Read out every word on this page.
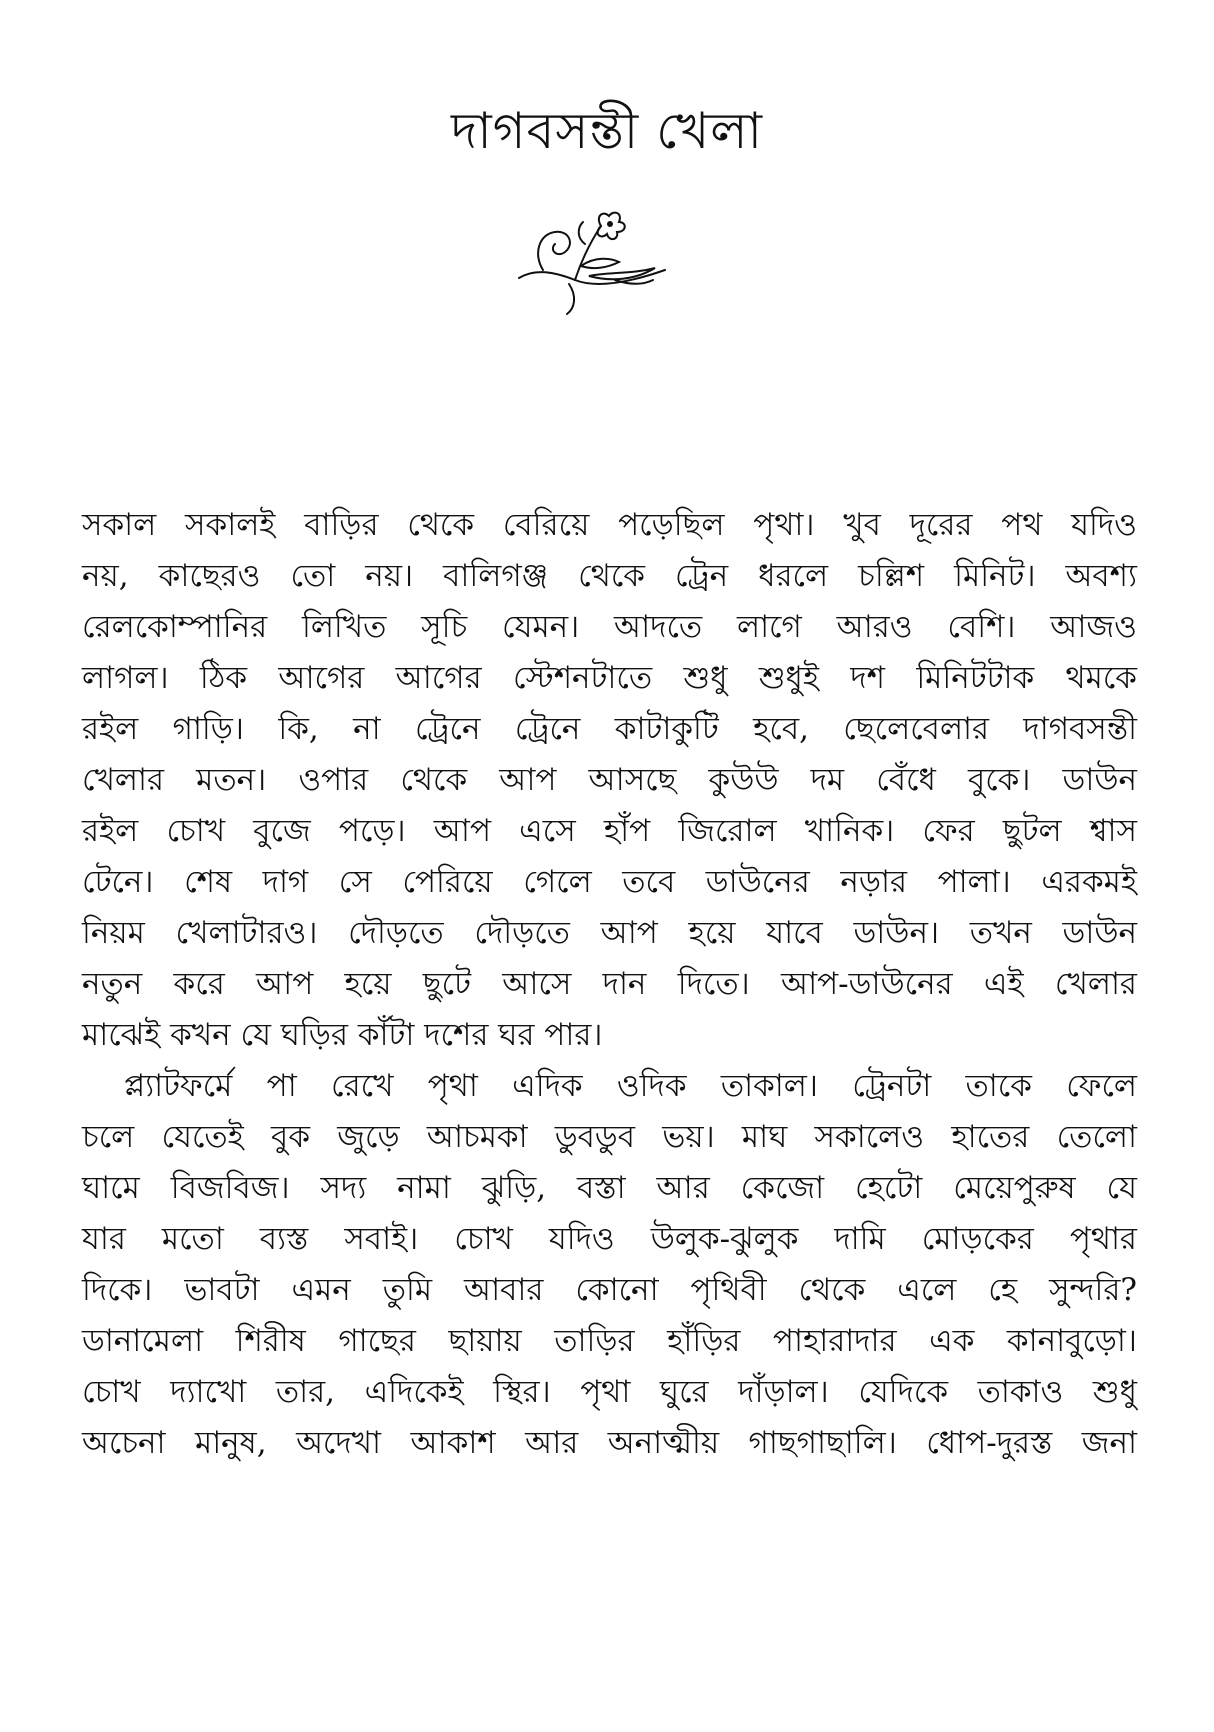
দাগবসন্তী খেলা
সকাল সকালই বাড়ির থেকে বেরিয়ে পড়েছিল পৃথা। খুব দূরের পথ যদিও
নয়, কাছেরও তো নয়। বালিগঞ্জ থেকে ট্রেন ধরলে চল্লিশ মিনিট। অবশ্য
রেলকোম্পানির লিখিত সূচি যেমন। আদতে লাগে আরও বেশি। আজও
লাগল। ঠিক আগের আগের স্টেশনটাতে শুধু শুধুই দশ মিনিটটাক থমকে
রইল গাড়ি। কি, না ট্রেনে ট্রেনে কাটাকুটি হবে, ছেলেবেলার দাগবসন্তী
খেলার মতন। ওপার থেকে আপ আসছে কুউউ দম বেঁধে বুকে। ডাউন
রইল চোখ বুজে পড়ে। আপ এসে হাঁপ জিরোল খানিক। ফের ছুটল শ্বাস
টেনে। শেষ দাগ সে পেরিয়ে গেলে তবে ডাউনের নড়ার পালা। এরকমই
নিয়ম খেলাটারও। দৌড়তে দৌড়তে আপ হয়ে যাবে ডাউন। তখন ডাউন
নতুন করে আপ হয়ে ছুটে আসে দান দিতে। আপ-ডাউনের এই খেলার
মাঝেই কখন যে ঘড়ির কাঁটা দশের ঘর পার।
প্ল্যাটফর্মে পা রেখে পৃথা এদিক ওদিক তাকাল। ট্রেনটা তাকে ফেলে
চলে যেতেই বুক জুড়ে আচমকা ডুবডুব ভয়। মাঘ সকালেও হাতের তেলো
ঘামে বিজবিজ। সদ্য নামা ঝুড়ি, বস্তা আর কেজো হেটো মেয়েপুরুষ যে
যার মতো ব্যস্ত সবাই। চোখ যদিও উলুক-ঝুলুক দামি মোড়কের পৃথার
দিকে। ভাবটা এমন তুমি আবার কোনো পৃথিবী থেকে এলে হে সুন্দরি?
ডানামেলা শিরীষ গাছের ছায়ায় তাড়ির হাঁড়ির পাহারাদার এক কানাবুড়ো।
চোখ দ্যাখো তার, এদিকেই স্থির। পৃথা ঘুরে দাঁড়াল। যেদিকে তাকাও শুধু
অচেনা মানুষ, অদেখা আকাশ আর অনাত্মীয় গাছগাছালি। ধোপ-দুরস্ত জনা
